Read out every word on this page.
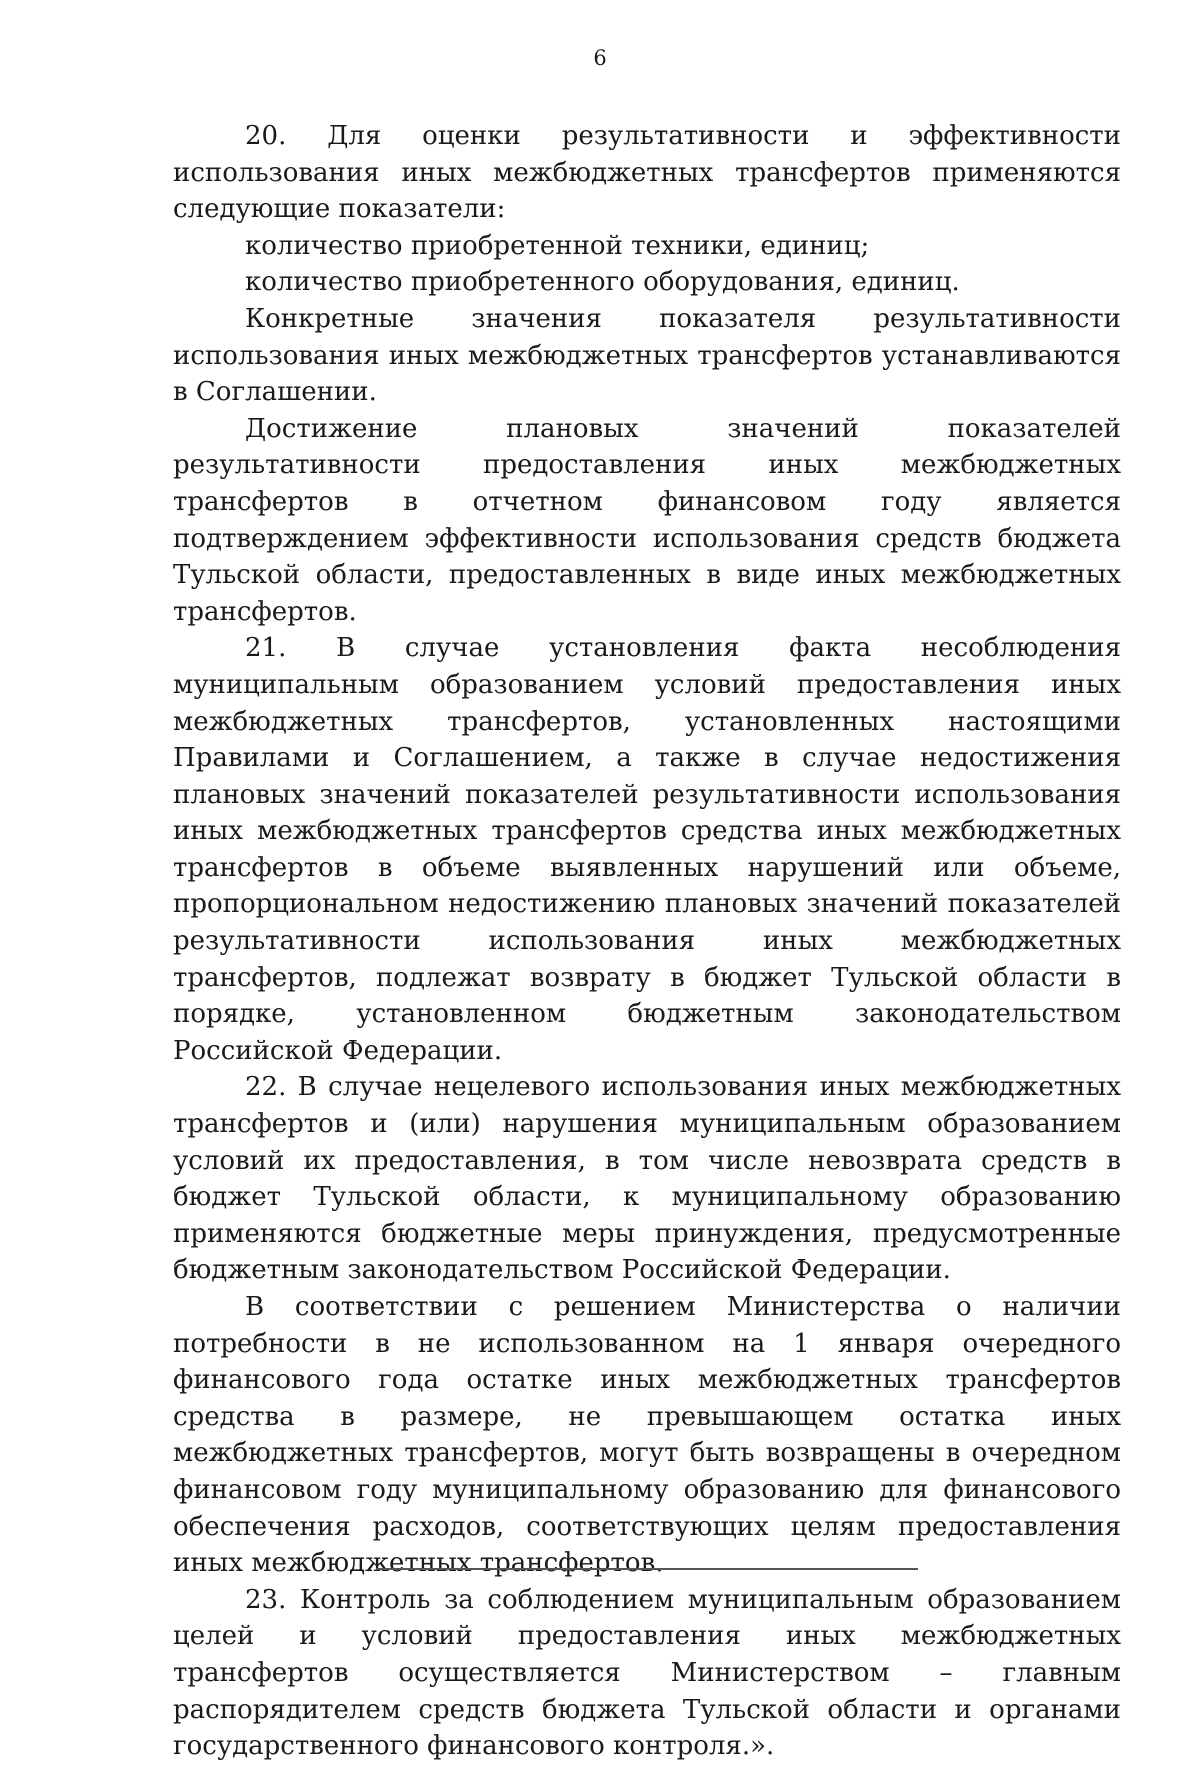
6

20. Для оценки результативности и эффективности использования иных межбюджетных трансфертов применяются следующие показатели:

количество приобретенной техники, единиц;

количество приобретенного оборудования, единиц.

Конкретные значения показателя результативности использования иных межбюджетных трансфертов устанавливаются в Соглашении.

Достижение плановых значений показателей результативности предоставления иных межбюджетных трансфертов в отчетном финансовом году является подтверждением эффективности использования средств бюджета Тульской области, предоставленных в виде иных межбюджетных трансфертов.

21. В случае установления факта несоблюдения муниципальным образованием условий предоставления иных межбюджетных трансфертов, установленных настоящими Правилами и Соглашением, а также в случае недостижения плановых значений показателей результативности использования иных межбюджетных трансфертов средства иных межбюджетных трансфертов в объеме выявленных нарушений или объеме, пропорциональном недостижению плановых значений показателей результативности использования иных межбюджетных трансфертов, подлежат возврату в бюджет Тульской области в порядке, установленном бюджетным законодательством Российской Федерации.

22. В случае нецелевого использования иных межбюджетных трансфертов и (или) нарушения муниципальным образованием условий их предоставления, в том числе невозврата средств в бюджет Тульской области, к муниципальному образованию применяются бюджетные меры принуждения, предусмотренные бюджетным законодательством Российской Федерации.

В соответствии с решением Министерства о наличии потребности в не использованном на 1 января очередного финансового года остатке иных межбюджетных трансфертов средства в размере, не превышающем остатка иных межбюджетных трансфертов, могут быть возвращены в очередном финансовом году муниципальному образованию для финансового обеспечения расходов, соответствующих целям предоставления иных межбюджетных трансфертов.

23. Контроль за соблюдением муниципальным образованием целей и условий предоставления иных межбюджетных трансфертов осуществляется Министерством – главным распорядителем средств бюджета Тульской области и органами государственного финансового контроля.».
